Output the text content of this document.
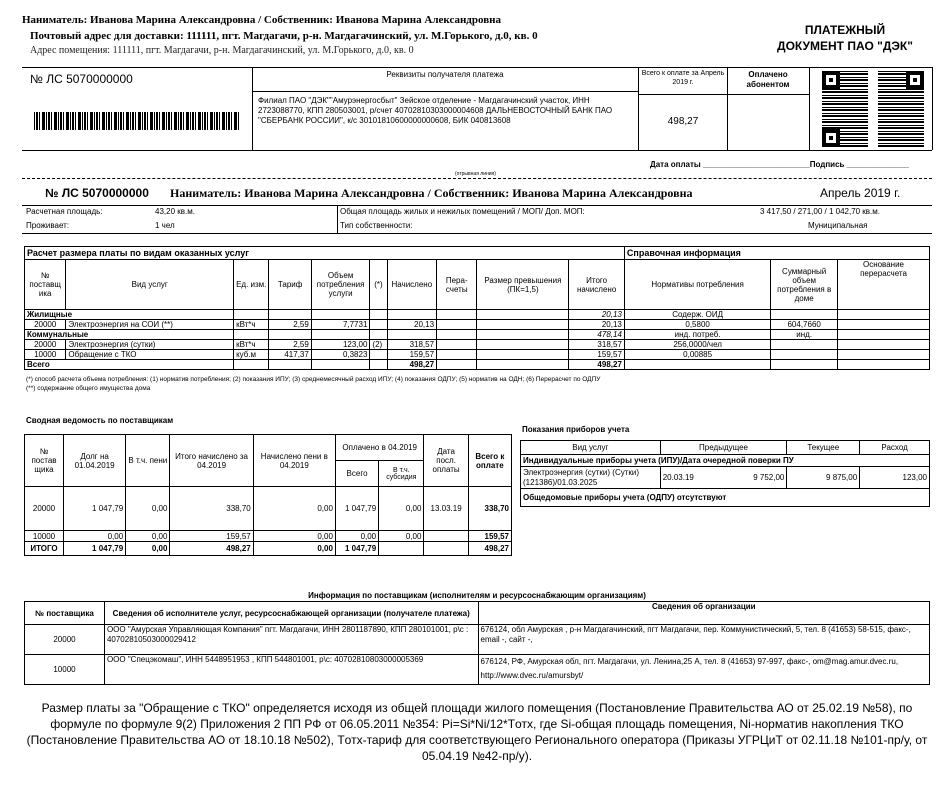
Наниматель: Иванова Марина Александровна / Собственник: Иванова Марина Александровна
Почтовый адрес для доставки: 111111, пгт. Магдагачи, р-н. Магдагачинский, ул. М.Горького, д.0, кв. 0
Адрес помещения: 111111, пгт. Магдагачи, р-н. Магдагачинский, ул. М.Горького, д.0, кв. 0
ПЛАТЕЖНЫЙ
ДОКУМЕНТ ПАО "ДЭК"
№ ЛС 5070000000	Реквизиты получателя платежа
Филиал ПАО "ДЭК""Амурэнергосбыт" Зейское отделение - Магдагачинский участок, ИНН 2723088770, КПП 280503001, р/счет 40702810303000004608 ДАЛЬНЕВОСТОЧНЫЙ БАНК ПАО "СБЕРБАНК РОССИИ", к/с 30101810600000000608, БИК 040813608
Всего к оплате за Апрель 2019 г.
498,27
Оплачено абонентом
Дата оплаты ________________________Подпись ______________
(отрывная линия)
№ ЛС 5070000000 Наниматель: Иванова Марина Александровна / Собственник: Иванова Марина Александровна	Апрель 2019 г.
Расчетная площадь:	43,20 кв.м.
Проживает:	1 чел
Общая площадь жилых и нежилых помещений / МОП/ Доп. МОП:	3 417,50 / 271,00 / 1 042,70 кв.м.
Тип собственности:	Муниципальная
Расчет размера платы по видам оказанных услуг										Справочная информация		
№ поставщ ика	Вид услуг	Ед. изм.	Тариф	Объем потребления услуги	(*)	Начислено	Пера- счеты	Размер превышения (ПК=1,5)	Итого начислено	Нормативы потребления	Суммарный объем потребления в доме	Основание перерасчета
Жилищные									20,13	Содерж. ОИД		
20000	Электроэнергия на СОИ (**)	кВт*ч	2,59	7,7731		20,13			20,13	0,5800	604,7660	
Коммунальные									478,14	инд. потреб.	инд.	
20000	Электроэнергия (сутки)	кВт*ч	2,59	123,00	(2)	318,57			318,57	256,0000/чел		
10000	Обращение с ТКО	куб.м	417,37	0,3823		159,57			159,57	0,00885		
Всего						498,27			498,27			
(*) способ расчета объема потребления: (1) норматив потребления; (2) показания ИПУ; (3) среднемесячный расход ИПУ; (4) показания ОДПУ; (5) норматив на ОДН; (6) Перерасчет по ОДПУ
(**) содержание общего имущества дома
Сводная ведомость по поставщикам
№ постав щика	Долг на 01.04.2019	В т.ч. пени	Итого начислено за 04.2019	Начислено пени в 04.2019	Оплачено в 04.2019		Дата посл. оплаты	Всего к оплате
					Всего	В т.ч. субсидия		
20000	1 047,79	0,00	338,70	0,00	1 047,79	0,00	13.03.19	338,70
10000	0,00	0,00	159,57	0,00	0,00	0,00		159,57
ИТОГО	1 047,79	0,00	498,27	0,00	1 047,79			498,27
Показания приборов учета
Вид услуг	Предыдущее	Текущее	Расход
Индивидуальные приборы учета (ИПУ)/Дата очередной поверки ПУ			
Электроэнергия (сутки) (Сутки) (121386)/01.03.2025	20.03.19 9 752,00	9 875,00	123,00
Общедомовые приборы учета (ОДПУ) отсутствуют			
Информация по поставщикам (исполнителям и ресурсоснабжающим организациям)
№ поставщика	Сведения об исполнителе услуг, ресурсоснабжающей организации (получателе платежа)	Сведения об организации
20000	ООО "Амурская Управляющая Компания" пгт. Магдагачи, ИНН 2801187890, КПП 280101001, р\с : 40702810503000029412	676124, обл Амурская , р-н Магдагачинский, пгт Магдагачи, пер. Коммунистический, 5, тел. 8 (41653) 58-515, факс-, email -, сайт -,
10000	ООО "Спецэкомаш", ИНН 5448951953 , КПП 544801001, р\с: 40702810803000005369	676124, РФ, Амурская обл, пгт. Магдагачи, ул. Ленина,25 А, тел. 8 (41653) 97-997, факс-, om@mag.amur.dvec.ru, http://www.dvec.ru/amursbyt/
Размер платы за "Обращение с ТКО" определяется исходя из общей площади жилого помещения (Постановление Правительства АО от 25.02.19 №58), по формуле по формуле 9(2) Приложения 2 ПП РФ от 06.05.2011 №354: Pi=Si*Ni/12*Tотх, где Si-общая площадь помещения, Ni-норматив накопления ТКО (Постановление Правительства АО от 18.10.18 №502), Tотх-тариф для соответствующего Регионального оператора (Приказы УГРЦиТ от 02.11.18 №101-пр/у, от 05.04.19 №42-пр/у).
